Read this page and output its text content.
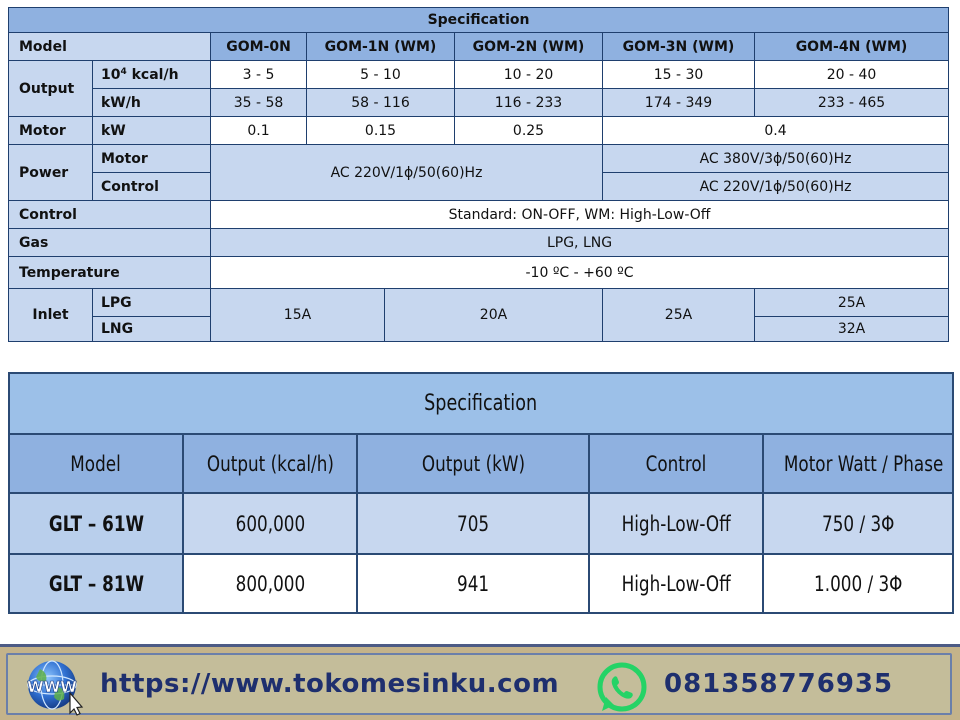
Specification							
Model		GOM-0N	GOM-1N (WM)		GOM-2N (WM)	GOM-3N (WM)	GOM-4N (WM)
Output	$10^4$ kcal/h	3 - 5	5 - 10		10 - 20	15 - 30	20 - 40
	kW/h	35 - 58	58 - 116		116 - 233	174 - 349	233 - 465
Motor	kW	0.1	0.15		0.25	0.4	
Power	Motor	AC 220V/1ϕ/50(60)Hz				AC 380V/3ϕ/50(60)Hz	
	Control					AC 220V/1ϕ/50(60)Hz	
Control		Standard: ON-OFF, WM: High-Low-Off					
Gas		LPG, LNG					
Temperature		-10 ºC - +60 ºC					
Inlet	LPG	15A		20A		25A	25A
	LNG						32A
Specification				
Model	Output (kcal/h)	Output (kW)	Control	Motor Watt / Phase
GLT – 61W	600,000	705	High-Low-Off	750 / 3Φ
GLT – 81W	800,000	941	High-Low-Off	1.000 / 3Φ
WWW https://www.tokomesinku.com	081358776935
